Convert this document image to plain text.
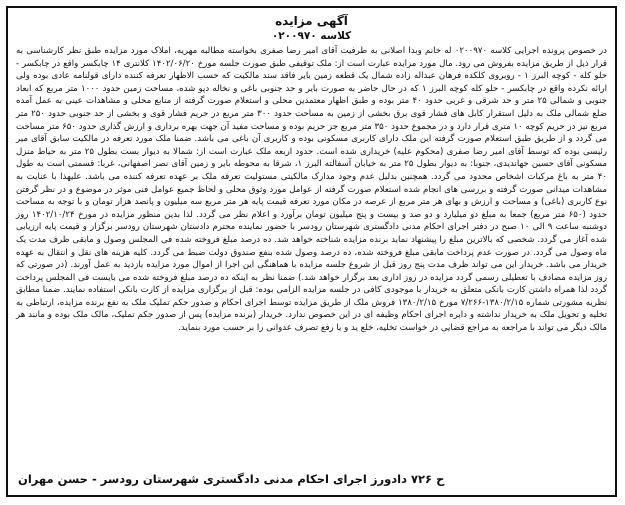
آگهی مزایده
کلاسه ۰۲۰۰۹۷۰

در خصوص پرونده اجرایی کلاسه ۰۲۰۰۹۷۰ له خانم وبدا اصلانی به طرفیت آقای امیر رضا صفری بخواسته مطالبه مهریه، املاک مورد مزایده طبق نظر کارشناسی به قرار ذیل از طریق مزایده بفروش می رود. مال مورد مزایده عبارت است از: ملک توقیفی طبق صورت جلسه مورخ ۱۴۰۲/۰۶/۲۰ کلانتری ۱۴ چابکسر واقع در چابکسر - حلو کله - کوچه البرز ۱ - روبروی کلکده فرهان عبداله زاده شمال یک قطعه زمین بایر فاقد سند مالکیت که حسب الاظهار تعرفه کننده دارای قولنامه عادی بوده ولی ارائه نکرده واقع در چابکسر - حلو کله کوچه البرز ۱ که در حال حاضر به صورت بایر و حد جنوبی باغی و نخاله دپو شده، مساحت زمین حدود ۱۰۰۰ متر مربع که ابعاد جنوبی و شمالی ۲۵ متر و حد شرقی و غربی حدود ۴۰ متر بوده و طبق اظهار معتمدین محلی و استعلام صورت گرفته از منابع محلی و مشاهدات عینی به عمل آمده ضلع شمالی ملک به دلیل استقرار کابل های فشار قوی برق بخشی از زمین به مساحت حدود ۳۰۰ متر مربع در حریم فشار قوی و بخشی از حد جنوبی حدود ۲۵۰ متر مربع نیز در حریم کوچه ۱۰ متری قرار دارد و در مجموع حدود ۳۵۰ متر مربع جز حریم بوده و مساحت مفید آن جهت بهره برداری و ارزش گذاری حدود ۶۵۰ متر مساحت می گردد و از طریق طبق استعلام صورت گرفته این ملک دارای کاربری مسکونی بوده و کاربری آن باغی می باشد. ضمنا ملک مورد تعرفه در مالکیت سابق آقای میر رئیسی بوده که توسط آقای امیر رضا صفری (محکوم علیه) خریداری شده است. حدود اربعه ملک عبارت است از: شمالا به دیوار بست بطول ۲۵ متر به حیاط منزل مسکونی آقای حسین جهاندیدی، جنوبا: به دیوار بطول ۲۵ متر به خیابان آسفالته البرز ۱، شرقا به محوطه بایر و زمین آقای نصر اصفهانی، غربا: قسمتی است به طول ۴۰ متر به باغ مرکبات اشخاص محدود می گردد. همچنین بدلیل عدم وجود مدارک مالکیتی مستولیت تعرفه ملک بر عهده تعرفه کننده می باشد. علیهذا با عنایت به مشاهدات میدانی صورت گرفته و بررسی های انجام شده استعلام صورت گرفته از عوامل مورد وثوق محلی و لحاظ جمیع عوامل فنی موثر در موضوع و در نظر گرفتن نوع کاربری (باغی) و مساحت و ارزش و بهای هر متر مربع از عرصه در مکان مورد تعرفه قیمت پایه هر متر مربع سه میلیون و پانصد هزار تومان و با توجه به مساحت حدود (۶۵۰ متر مربع) جمعا به مبلغ دو میلیارد و دو صد و بیست و پنج میلیون تومان برآورد و اعلام نظر می گردد. لذا بدین منظور مزایده در مورخ ۱۴۰۲/۱۰/۲۴ روز دوشنبه ساعت ۹ الی ۱۰ صبح در دفتر اجرای احکام مدنی دادگستری شهرستان رودسر با حضور نماینده محترم دادستان شهرستان رودسر برگزار و قیمت پایه ارزیابی شده آغاز می گردد. شخصی که بالاترین مبلغ را پیشنهاد نماید برنده مزایده شناخته خواهد شد. ده درصد مبلغ فروخته شده فی المجلس وصول و مابقی ظرف مدت یک ماه وصول می گردد. در صورت عدم پرداخت مابقی مبلغ فروخته شده، ده درصد وصول شده بنفع صندوق دولت ضبط می گردد. کلیه هزینه های نقل و انتقال به عهده خریدار می باشد. خریدار این می تواند ظرف مدت پنج روز قبل از شروع جلسه مزایده با هماهنگی این اجرا از اموال مورد مزایده بازدید به عمل آورند. (در صورتی که روز مزایده مصادف با تعطیلی رسمی گردد مزایده در روز اداری بعد برگزار خواهد شد.) ضمنا نظر به اینکه ده درصد مبلغ فروخته شده می بایست فی المجلس پرداخت گردد لذا همراه داشتن کارت بانکی متعلق به خریدار با موجودی کافی در جلسه مزایده الزامی بوده: قبل از برگزاری مزایده از کارت بانکی استفاده نمایند. ضمنا مطابق نظریه مشورتی شماره ۱۳۸۰/۲/۱۵-۷/۲۶۶ مورخ ۱۳۸۰/۲/۱۵ فروش ملک از طریق مزایده توسط اجرای احکام و صدور حکم تملیک ملک به نفع برنده مزایده، ارتباطی به تخلیه و تحویل ملک به خریدار نداشته و دایره اجرای احکام وظیفه ای در این خصوص ندارد. خریدار (برنده مزایده) پس از صدور حکم تملیک، مالک ملک بوده و مانند هر مالک دیگر می تواند با مراجعه به مراجع قضایی در خواست تخلیه، خلع ید و یا رفع تصرف عدوانی را بر حسب مورد بنماید.

ح ۷۲۶ دادورز اجرای احکام مدنی دادگستری شهرستان رودسر - حسن مهران
